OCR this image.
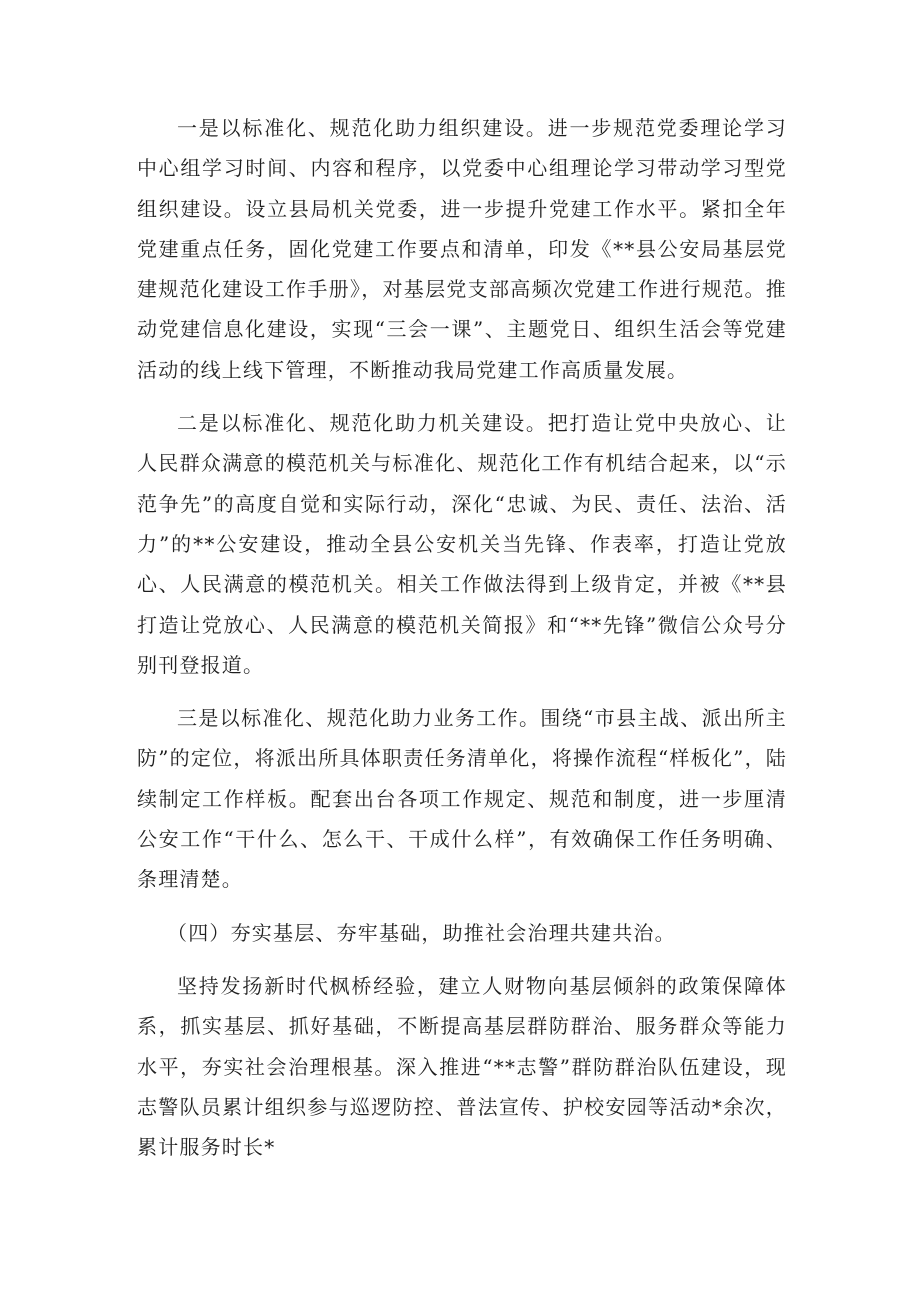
一是以标准化、规范化助力组织建设。进一步规范党委理论学习中心组学习时间、内容和程序，以党委中心组理论学习带动学习型党组织建设。设立县局机关党委，进一步提升党建工作水平。紧扣全年党建重点任务，固化党建工作要点和清单，印发《**县公安局基层党建规范化建设工作手册》，对基层党支部高频次党建工作进行规范。推动党建信息化建设，实现“三会一课”、主题党日、组织生活会等党建活动的线上线下管理，不断推动我局党建工作高质量发展。

二是以标准化、规范化助力机关建设。把打造让党中央放心、让人民群众满意的模范机关与标准化、规范化工作有机结合起来，以“示范争先”的高度自觉和实际行动，深化“忠诚、为民、责任、法治、活力”的**公安建设，推动全县公安机关当先锋、作表率，打造让党放心、人民满意的模范机关。相关工作做法得到上级肯定，并被《**县打造让党放心、人民满意的模范机关简报》和“**先锋”微信公众号分别刊登报道。

三是以标准化、规范化助力业务工作。围绕“市县主战、派出所主防”的定位，将派出所具体职责任务清单化，将操作流程“样板化”，陆续制定工作样板。配套出台各项工作规定、规范和制度，进一步厘清公安工作“干什么、怎么干、干成什么样”，有效确保工作任务明确、条理清楚。

（四）夯实基层、夯牢基础，助推社会治理共建共治。

坚持发扬新时代枫桥经验，建立人财物向基层倾斜的政策保障体系，抓实基层、抓好基础，不断提高基层群防群治、服务群众等能力水平，夯实社会治理根基。深入推进“**志警”群防群治队伍建设，现志警队员累计组织参与巡逻防控、普法宣传、护校安园等活动*余次，累计服务时长*
